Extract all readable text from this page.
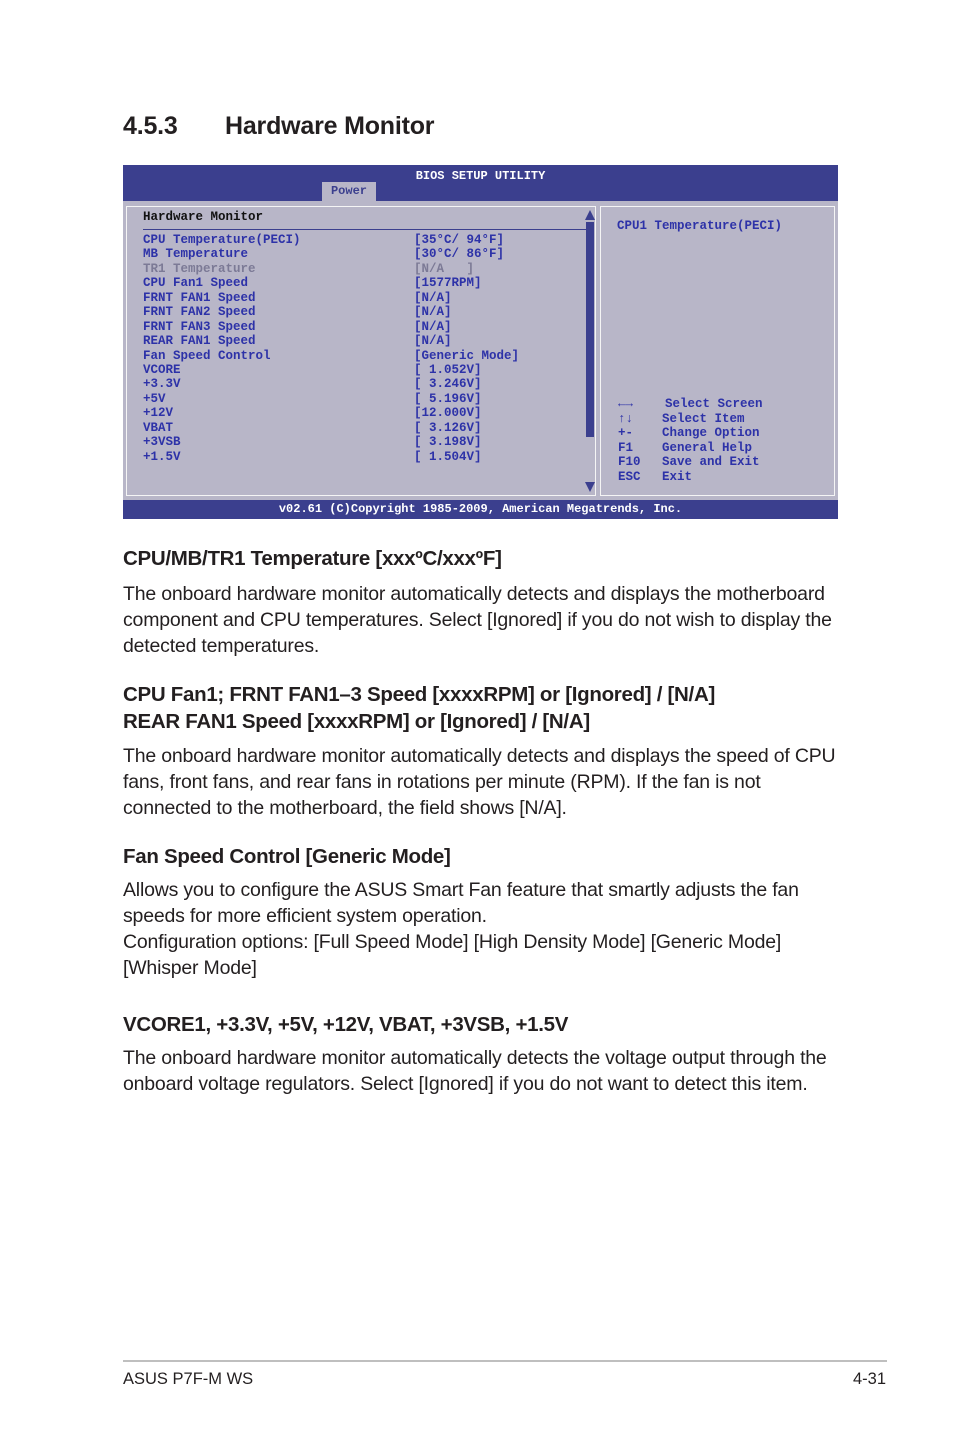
4.5.3 Hardware Monitor
BIOS SETUP UTILITY
Power
Hardware Monitor
CPU Temperature(PECI)	[35°C/ 94°F]
MB Temperature	[30°C/ 86°F]
TR1 Temperature	[N/A   ]
CPU Fan1 Speed	[1577RPM]
FRNT FAN1 Speed	[N/A]
FRNT FAN2 Speed	[N/A]
FRNT FAN3 Speed	[N/A]
REAR FAN1 Speed	[N/A]
Fan Speed Control	[Generic Mode]
VCORE	[ 1.052V]
+3.3V	[ 3.246V]
+5V	[ 5.196V]
+12V	[12.000V]
VBAT	[ 3.126V]
+3VSB	[ 3.198V]
+1.5V	[ 1.504V]
CPU1 Temperature(PECI)
←→	Select Screen
↑↓ Select Item
+- Change Option
F1 General Help
F10 Save and Exit
ESC Exit
v02.61 (C)Copyright 1985-2009, American Megatrends, Inc.
CPU/MB/TR1 Temperature [xxxºC/xxxºF]
The onboard hardware monitor automatically detects and displays the motherboard component and CPU temperatures. Select [Ignored] if you do not wish to display the detected temperatures.
CPU Fan1; FRNT FAN1–3 Speed [xxxxRPM] or [Ignored] / [N/A]
REAR FAN1 Speed [xxxxRPM] or [Ignored] / [N/A]
The onboard hardware monitor automatically detects and displays the speed of CPU fans, front fans, and rear fans in rotations per minute (RPM). If the fan is not connected to the motherboard, the field shows [N/A].
Fan Speed Control [Generic Mode]
Allows you to configure the ASUS Smart Fan feature that smartly adjusts the fan speeds for more efficient system operation.
Configuration options: [Full Speed Mode] [High Density Mode] [Generic Mode] [Whisper Mode]
VCORE1, +3.3V, +5V, +12V, VBAT, +3VSB, +1.5V
The onboard hardware monitor automatically detects the voltage output through the onboard voltage regulators. Select [Ignored] if you do not want to detect this item.
ASUS P7F-M WS	4-31
